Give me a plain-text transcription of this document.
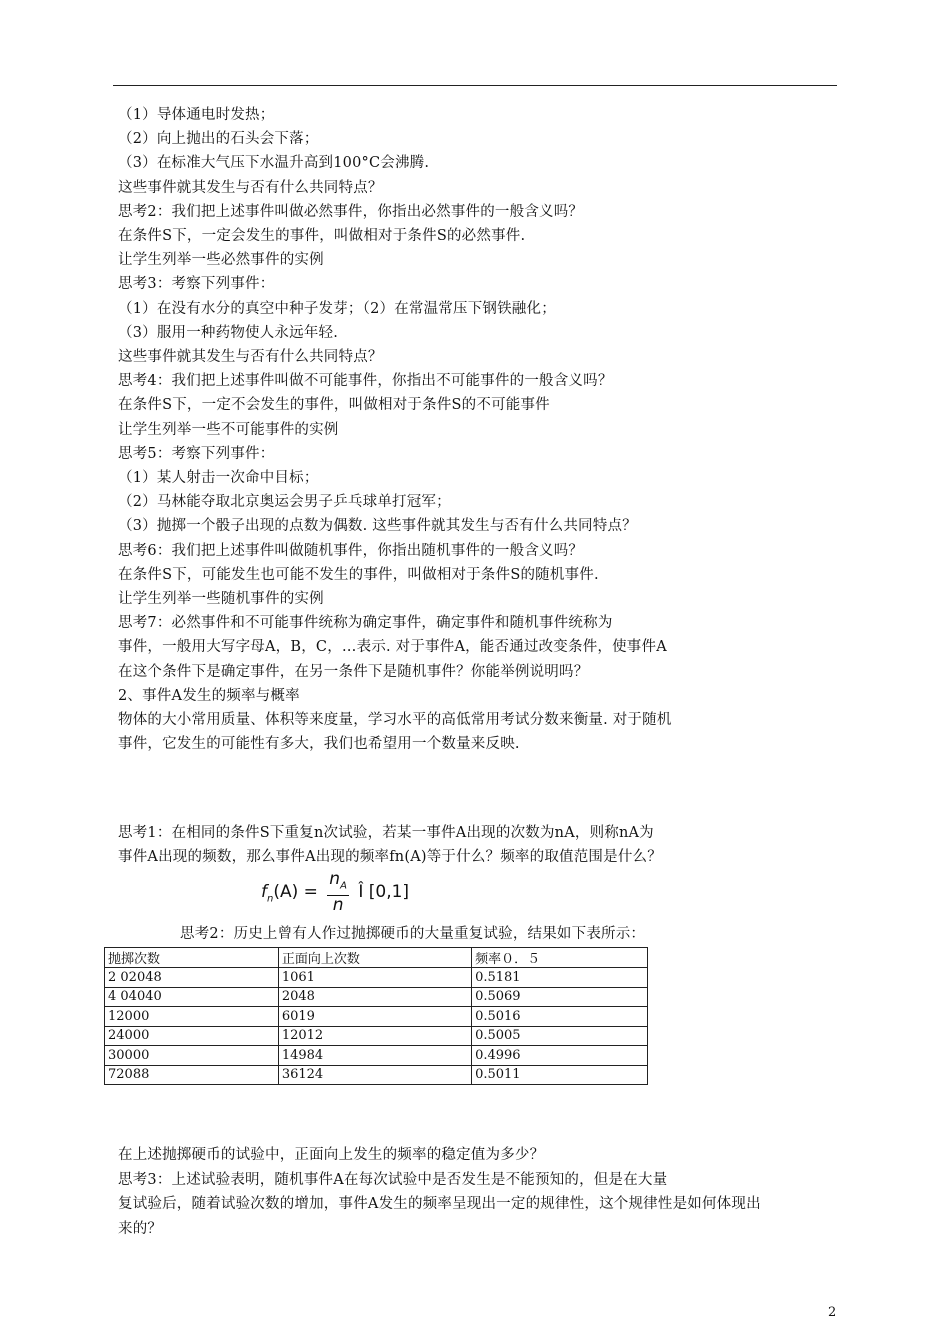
（1）导体通电时发热；
（2）向上抛出的石头会下落；
（3）在标准大气压下水温升高到100°C会沸腾.
这些事件就其发生与否有什么共同特点？
思考2：我们把上述事件叫做必然事件，你指出必然事件的一般含义吗？
在条件S下，一定会发生的事件，叫做相对于条件S的必然事件.
让学生列举一些必然事件的实例
思考3：考察下列事件：
（1）在没有水分的真空中种子发芽；（2）在常温常压下钢铁融化；
（3）服用一种药物使人永远年轻.
这些事件就其发生与否有什么共同特点？
思考4：我们把上述事件叫做不可能事件，你指出不可能事件的一般含义吗？
在条件S下，一定不会发生的事件，叫做相对于条件S的不可能事件
让学生列举一些不可能事件的实例
思考5：考察下列事件：
（1）某人射击一次命中目标；
（2）马林能夺取北京奥运会男子乒乓球单打冠军；
（3）抛掷一个骰子出现的点数为偶数. 这些事件就其发生与否有什么共同特点？
思考6：我们把上述事件叫做随机事件，你指出随机事件的一般含义吗？
在条件S下，可能发生也可能不发生的事件，叫做相对于条件S的随机事件.
让学生列举一些随机事件的实例
思考7：必然事件和不可能事件统称为确定事件，确定事件和随机事件统称为
事件，一般用大写字母A，B，C，…表示. 对于事件A，能否通过改变条件，使事件A
在这个条件下是确定事件，在另一条件下是随机事件？你能举例说明吗？
2、事件A发生的频率与概率
物体的大小常用质量、体积等来度量，学习水平的高低常用考试分数来衡量. 对于随机
事件，它发生的可能性有多大，我们也希望用一个数量来反映.
思考1：在相同的条件S下重复n次试验，若某一事件A出现的次数为nA，则称nA为
事件A出现的频数，那么事件A出现的频率fn(A)等于什么？频率的取值范围是什么？
$f_n(A) = \frac{n_A}{n}$ Î [0,1]
思考2：历史上曾有人作过抛掷硬币的大量重复试验，结果如下表所示：
抛掷次数	正面向上次数	频率０．５
2 02048	1061	0.5181
4 04040	2048	0.5069
12000	6019	0.5016
24000	12012	0.5005
30000	14984	0.4996
72088	36124	0.5011
在上述抛掷硬币的试验中，正面向上发生的频率的稳定值为多少？
思考3：上述试验表明，随机事件A在每次试验中是否发生是不能预知的，但是在大量
复试验后，随着试验次数的增加，事件A发生的频率呈现出一定的规律性，这个规律性是如何体现出
来的？
2
